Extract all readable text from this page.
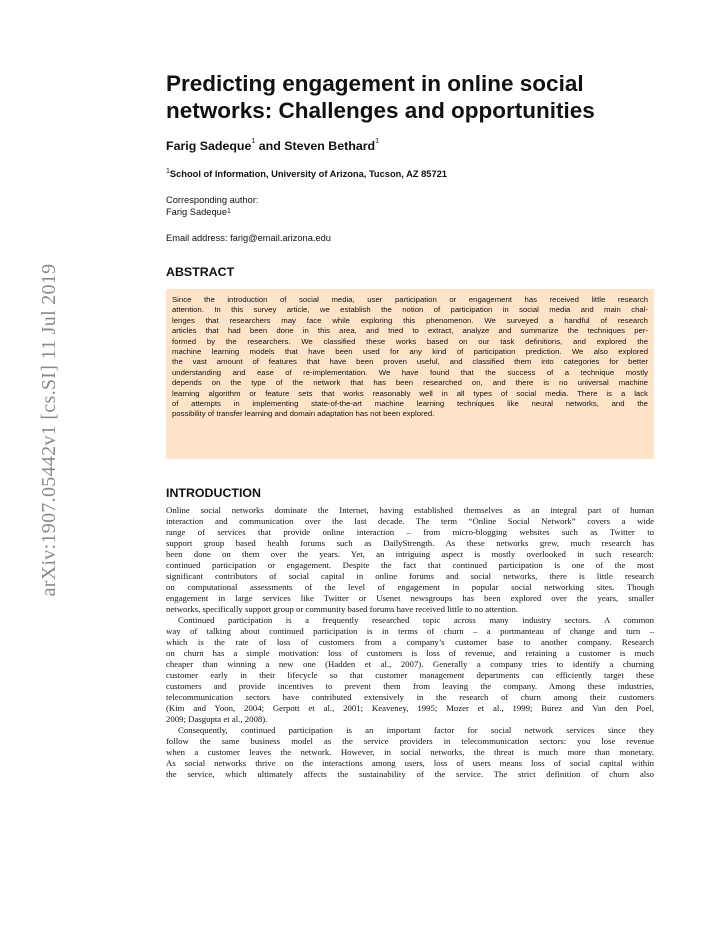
arXiv:1907.05442v1 [cs.SI] 11 Jul 2019
Predicting engagement in online social
networks: Challenges and opportunities
Farig Sadeque$^1$ and Steven Bethard$^1$
$^1$School of Information, University of Arizona, Tucson, AZ 85721
Corresponding author:
Farig Sadeque$^1$
Email address: farig@email.arizona.edu
ABSTRACT
Since the introduction of social media, user participation or engagement has received little research
attention. In this survey article, we establish the notion of participation in social media and main chal-
lenges that researchers may face while exploring this phenomenon. We surveyed a handful of research
articles that had been done in this area, and tried to extract, analyze and summarize the techniques per-
formed by the researchers. We classified these works based on our task definitions, and explored the
machine learning models that have been used for any kind of participation prediction. We also explored
the vast amount of features that have been proven useful, and classified them into categories for better
understanding and ease of re-implementation. We have found that the success of a technique mostly
depends on the type of the network that has been researched on, and there is no universal machine
learning algorithm or feature sets that works reasonably well in all types of social media. There is a lack
of attempts in implementing state-of-the-art machine learning techniques like neural networks, and the
possibility of transfer learning and domain adaptation has not been explored.
INTRODUCTION
Online social networks dominate the Internet, having established themselves as an integral part of human
interaction and communication over the last decade. The term “Online Social Network” covers a wide
range of services that provide online interaction – from micro-blogging websites such as Twitter to
support group based health forums such as DailyStrength. As these networks grew, much research has
been done on them over the years. Yet, an intriguing aspect is mostly overlooked in such research:
continued participation or engagement. Despite the fact that continued participation is one of the most
significant contributors of social capital in online forums and social networks, there is little research
on computational assessments of the level of engagement in popular social networking sites. Though
engagement in large services like Twitter or Usenet newsgroups has been explored over the years, smaller
networks, specifically support group or community based forums have received little to no attention.
Continued participation is a frequently researched topic across many industry sectors. A common
way of talking about continued participation is in terms of churn – a portmanteau of change and turn –
which is the rate of loss of customers from a company’s customer base to another company. Research
on churn has a simple motivation: loss of customers is loss of revenue, and retaining a customer is much
cheaper than winning a new one (Hadden et al., 2007). Generally a company tries to identify a churning
customer early in their lifecycle so that customer management departments can efficiently target these
customers and provide incentives to prevent them from leaving the company. Among these industries,
telecommunication sectors have contributed extensively in the research of churn among their customers
(Kim and Yoon, 2004; Gerpott et al., 2001; Keaveney, 1995; Mozer et al., 1999; Burez and Van den Poel,
2009; Dasgupta et al., 2008).
Consequently, continued participation is an important factor for social network services since they
follow the same business model as the service providers in telecommunication sectors: you lose revenue
when a customer leaves the network. However, in social networks, the threat is much more than monetary.
As social networks thrive on the interactions among users, loss of users means loss of social capital within
the service, which ultimately affects the sustainability of the service. The strict definition of churn also
